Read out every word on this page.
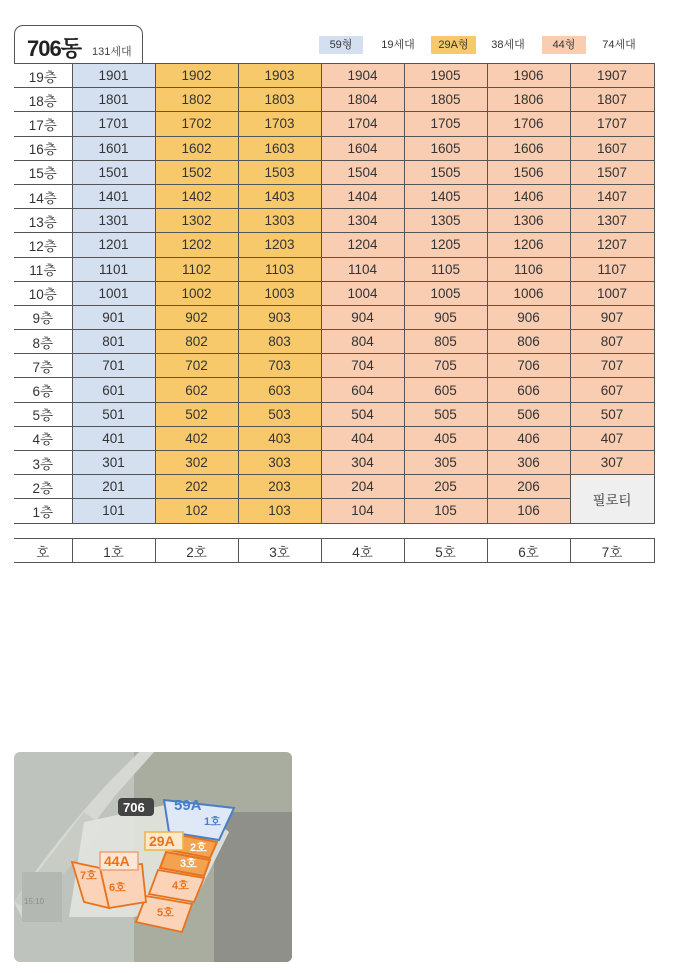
706동 131세대
59형	19세대	29A형	38세대	44형	74세대
19층	1901	1902	1903	1904	1905	1906	1907
18층	1801	1802	1803	1804	1805	1806	1807
17층	1701	1702	1703	1704	1705	1706	1707
16층	1601	1602	1603	1604	1605	1606	1607
15층	1501	1502	1503	1504	1505	1506	1507
14층	1401	1402	1403	1404	1405	1406	1407
13층	1301	1302	1303	1304	1305	1306	1307
12층	1201	1202	1203	1204	1205	1206	1207
11층	1101	1102	1103	1104	1105	1106	1107
10층	1001	1002	1003	1004	1005	1006	1007
9층	901	902	903	904	905	906	907
8층	801	802	803	804	805	806	807
7층	701	702	703	704	705	706	707
6층	601	602	603	604	605	606	607
5층	501	502	503	504	505	506	507
4층	401	402	403	404	405	406	407
3층	301	302	303	304	305	306	307
2층	201	202	203	204	205	206	필로티
1층	101	102	103	104	105	106	
호	1호	2호	3호	4호	5호	6호	7호
59A
1호
2호
3호
29A
4호
5호
6호
7호
44A
706
15:10
